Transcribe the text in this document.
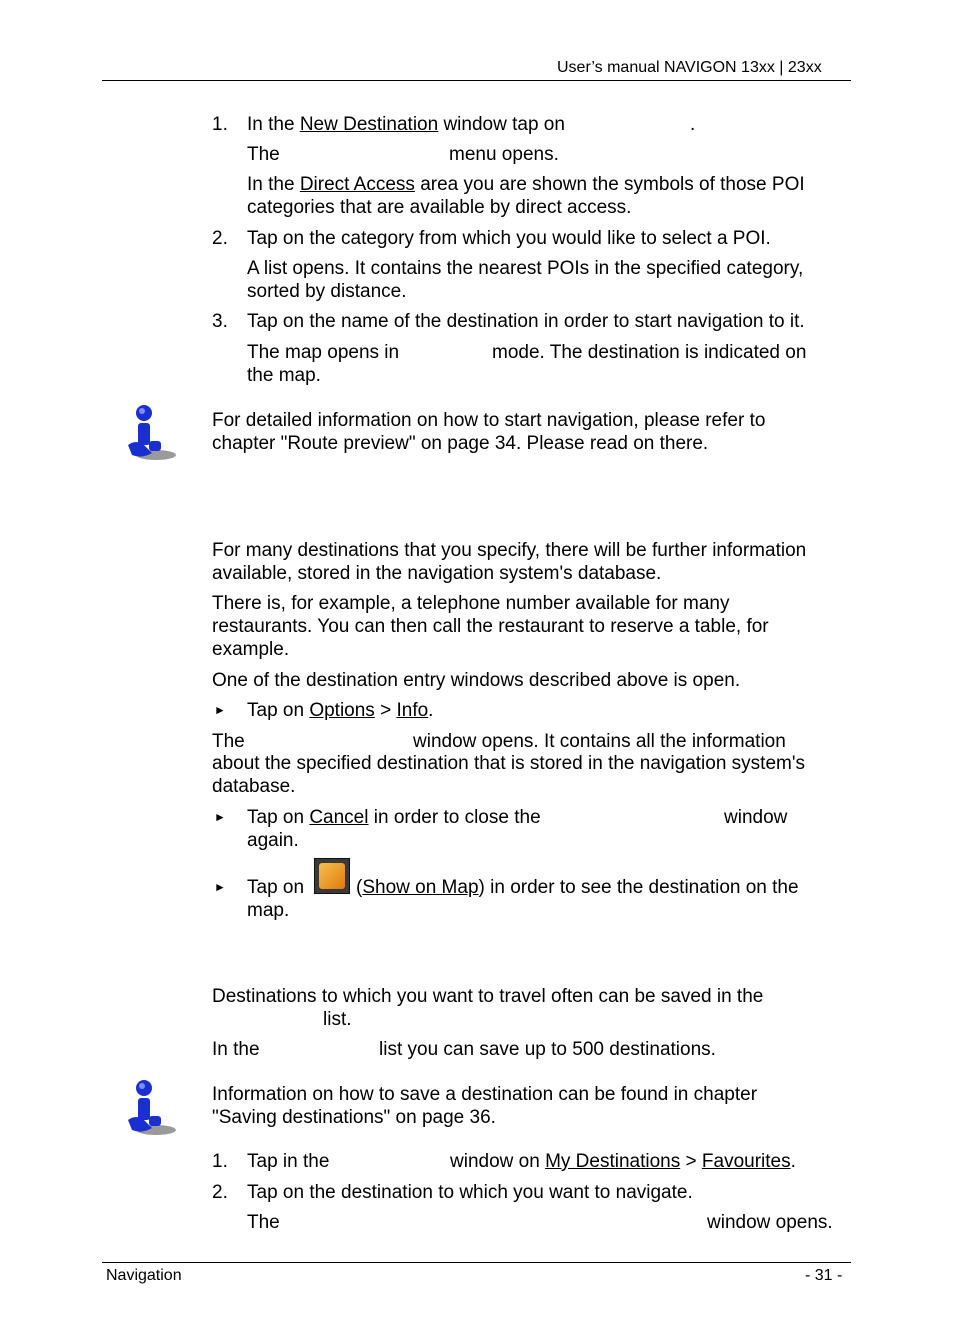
User’s manual NAVIGON 13xx | 23xx
1. In the New Destination window tap on	.
The	menu opens.
In the Direct Access area you are shown the symbols of those POI
categories that are available by direct access.
2. Tap on the category from which you would like to select a POI.
A list opens. It contains the nearest POIs in the specified category,
sorted by distance.
3. Tap on the name of the destination in order to start navigation to it.
The map opens in	mode. The destination is indicated on
the map.
For detailed information on how to start navigation, please refer to
chapter "Route preview" on page 34. Please read on there.
For many destinations that you specify, there will be further information
available, stored in the navigation system's database.
There is, for example, a telephone number available for many
restaurants. You can then call the restaurant to reserve a table, for
example.
One of the destination entry windows described above is open.
► Tap on Options > Info.
The	window opens. It contains all the information
about the specified destination that is stored in the navigation system's
database.
► Tap on Cancel in order to close the	window
again.
► Tap on	(Show on Map) in order to see the destination on the
map.
Destinations to which you want to travel often can be saved in the
list.
In the	list you can save up to 500 destinations.
Information on how to save a destination can be found in chapter
"Saving destinations" on page 36.
1. Tap in the	window on My Destinations > Favourites.
2. Tap on the destination to which you want to navigate.
The	window opens.
Navigation	- 31 -
